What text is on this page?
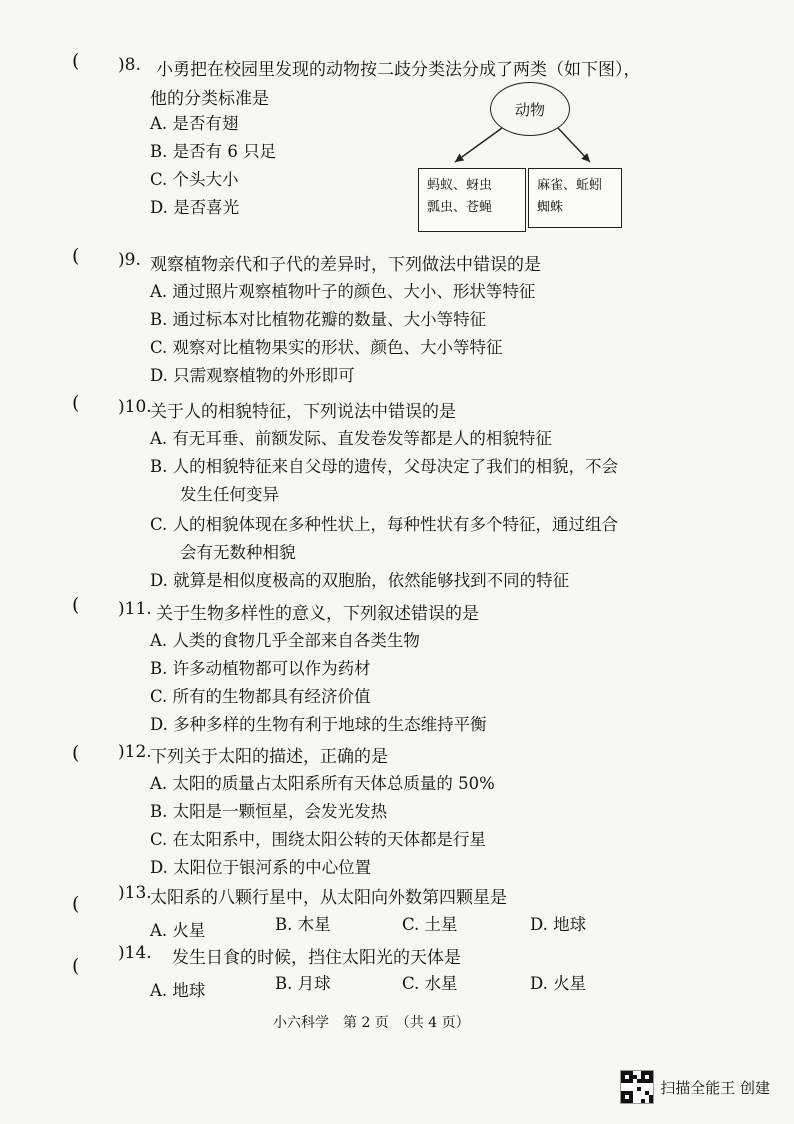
( )8. 小勇把在校园里发现的动物按二歧分类法分成了两类（如下图），
他的分类标准是
A. 是否有翅
B. 是否有 6 只足
C. 个头大小
D. 是否喜光
动物
蚂蚁、蚜虫
瓢虫、苍蝇
麻雀、蚯蚓
蜘蛛
( )9. 观察植物亲代和子代的差异时，下列做法中错误的是
A. 通过照片观察植物叶子的颜色、大小、形状等特征
B. 通过标本对比植物花瓣的数量、大小等特征
C. 观察对比植物果实的形状、颜色、大小等特征
D. 只需观察植物的外形即可
( )10.
关于人的相貌特征，下列说法中错误的是
A. 有无耳垂、前额发际、直发卷发等都是人的相貌特征
B. 人的相貌特征来自父母的遗传，父母决定了我们的相貌，不会
发生任何变异
C. 人的相貌体现在多种性状上，每种性状有多个特征，通过组合
会有无数种相貌
D. 就算是相似度极高的双胞胎，依然能够找到不同的特征
( )11. 关于生物多样性的意义，下列叙述错误的是
A. 人类的食物几乎全部来自各类生物
B. 许多动植物都可以作为药材
C. 所有的生物都具有经济价值
D. 多种多样的生物有利于地球的生态维持平衡
( )12.
下列关于太阳的描述，正确的是
A. 太阳的质量占太阳系所有天体总质量的 50%
B. 太阳是一颗恒星，会发光发热
C. 在太阳系中，围绕太阳公转的天体都是行星
D. 太阳位于银河系的中心位置
( )13.
太阳系的八颗行星中，从太阳向外数第四颗星是
A. 火星	B. 木星	C. 土星	D. 地球
(
)14. 发生日食的时候，挡住太阳光的天体是
A. 地球	B. 月球	C. 水星	D. 火星
小六科学　第 2 页　（共 4 页）
扫描全能王 创建
